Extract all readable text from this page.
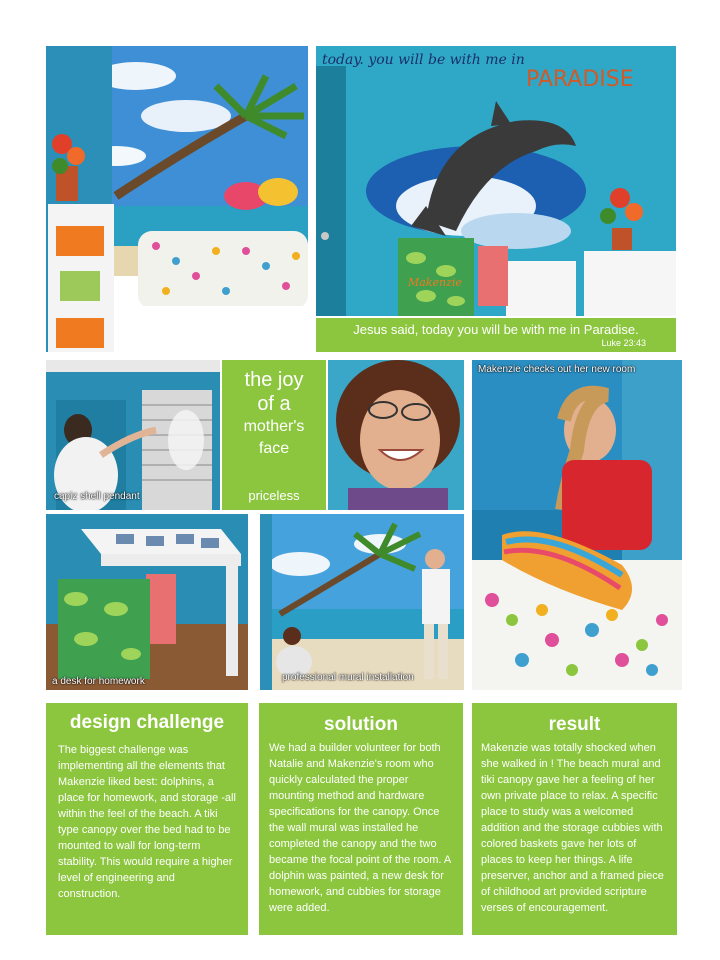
Makenzie
today. you will be with me in
PARADISE
Jesus said, today you will be with me in Paradise.
Luke 23:43
capiz shell pendant
the joy
of a
mother's
face
priceless
Makenzie checks out her new room
a desk for homework	professional mural installation
design challenge
The biggest challenge was implementing all the elements that Makenzie liked best: dolphins, a place for homework, and storage -all within the feel of the beach. A tiki type canopy over the bed had to be mounted to wall for long-term stability. This would require a higher level of engineering and construction.
solution
We had a builder volunteer for both Natalie and Makenzie's room who quickly calculated the proper mounting method and hardware specifications for the canopy. Once the wall mural was installed he completed the canopy and the two became the focal point of the room. A dolphin was painted, a new desk for homework, and cubbies for storage were added.
result
Makenzie was totally shocked when she walked in ! The beach mural and tiki canopy gave her a feeling of her own private place to relax. A specific place to study was a welcomed addition and the storage cubbies with colored baskets gave her lots of places to keep her things. A life preserver, anchor and a framed piece of childhood art provided scripture verses of encouragement.
